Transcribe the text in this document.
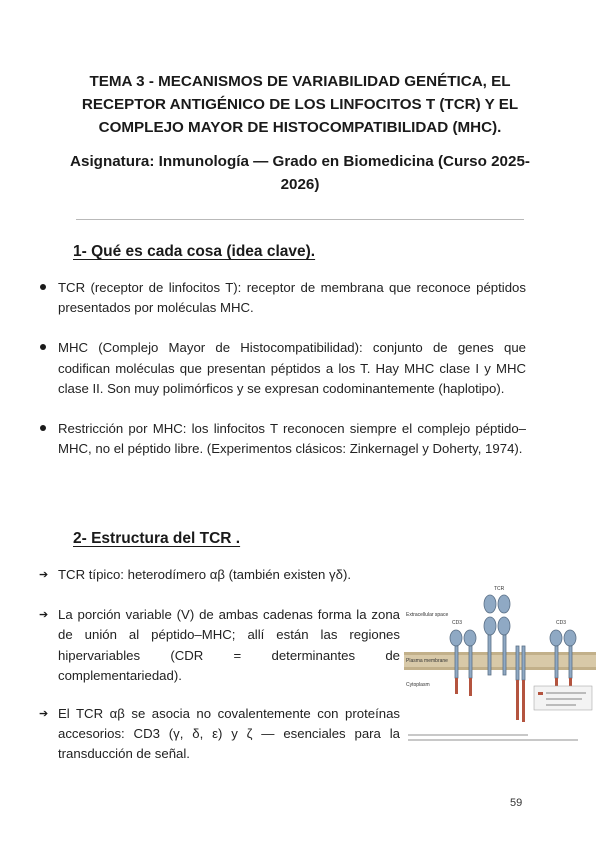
TEMA 3 - MECANISMOS DE VARIABILIDAD GENÉTICA, EL RECEPTOR ANTIGÉNICO DE LOS LINFOCITOS T (TCR) Y EL COMPLEJO MAYOR DE HISTOCOMPATIBILIDAD (MHC).
Asignatura: Inmunología — Grado en Biomedicina (Curso 2025-2026)
1- Qué es cada cosa (idea clave).
TCR (receptor de linfocitos T): receptor de membrana que reconoce péptidos presentados por moléculas MHC.
MHC (Complejo Mayor de Histocompatibilidad): conjunto de genes que codifican moléculas que presentan péptidos a los T. Hay MHC clase I y MHC clase II. Son muy polimórficos y se expresan codominantemente (haplotipo).
Restricción por MHC: los linfocitos T reconocen siempre el complejo péptido–MHC, no el péptido libre. (Experimentos clásicos: Zinkernagel y Doherty, 1974).
2- Estructura del TCR .
➔ TCR típico: heterodímero αβ (también existen γδ).
➔ La porción variable (V) de ambas cadenas forma la zona de unión al péptido–MHC; allí están las regiones hipervariables (CDR = determinantes de complementariedad).
➔ El TCR αβ se asocia no covalentemente con proteínas accesorios: CD3 (γ, δ, ε) y ζ — esenciales para la transducción de señal.
Extracellular space
Plasma membrane
Cytoplasm
TCR
CD3	CD3
59
